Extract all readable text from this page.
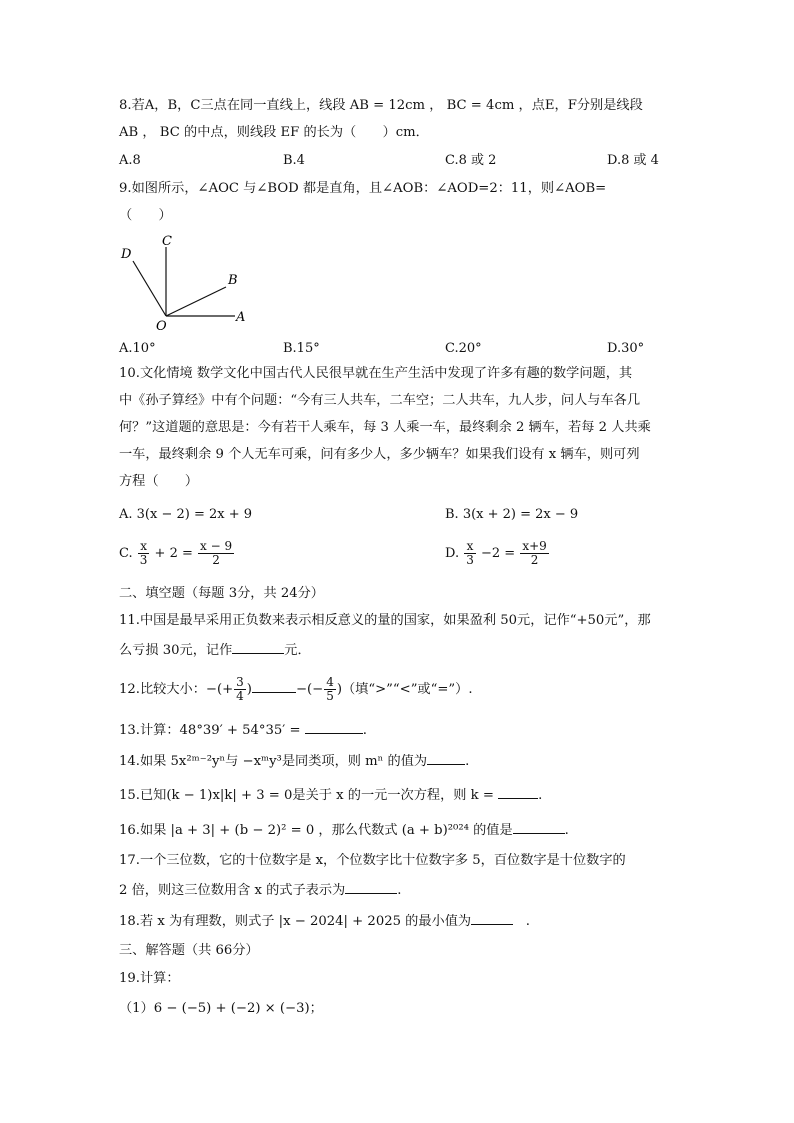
8.若A，B，C三点在同一直线上，线段 AB = 12cm ， BC = 4cm ，点E，F分别是线段
AB ， BC 的中点，则线段 EF 的长为（　　）cm．
A.8	B.4	C.8 或 2	D.8 或 4
9.如图所示，∠AOC 与∠BOD 都是直角，且∠AOB：∠AOD=2：11，则∠AOB=
（　　）
D
C
B
O
A
A.10°	B.15°	C.20°	D.30°
10.文化情境 数学文化中国古代人民很早就在生产生活中发现了许多有趣的数学问题，其
中《孙子算经》中有个问题：“今有三人共车，二车空；二人共车，九人步，问人与车各几
何？”这道题的意思是：今有若干人乘车，每 3 人乘一车，最终剩余 2 辆车，若每 2 人共乘
一车，最终剩余 9 个人无车可乘，问有多少人，多少辆车？如果我们设有 x 辆车，则可列
方程（　　）
A. 3(x − 2) = 2x + 9	B. 3(x + 2) = 2x − 9
C. $\frac{x}{3} + 2 = \frac{x - 9}{2}$	D. $\frac{x}{3} -2 = \frac{x+9}{2}$
二、填空题（每题 3分，共 24分）
11.中国是最早采用正负数来表示相反意义的量的国家，如果盈利 50元，记作“+50元”，那
么亏损 30元，记作	元．
12.比较大小：−(+ $\frac{3}{4}$ )	−(− $\frac{4}{5}$ )（填“>”“<”或“=”）.
13.计算：48°39′ + 54°35′ =	.
14.如果 5x²ᵐ⁻²yⁿ与 −xᵐy³是同类项，则 mⁿ 的值为	.
15.已知(k − 1)x|k| + 3 = 0是关于 x 的一元一次方程，则 k =	.
16.如果 |a + 3| + (b − 2)² = 0 ，那么代数式 (a + b)²⁰²⁴ 的值是	.
17.一个三位数，它的十位数字是 x，个位数字比十位数字多 5，百位数字是十位数字的
2 倍，则这三位数用含 x 的式子表示为	.
18.若 x 为有理数，则式子 |x − 2024| + 2025 的最小值为	.
三、解答题（共 66分）
19.计算：
（1）6 − (−5) + (−2) × (−3)；
